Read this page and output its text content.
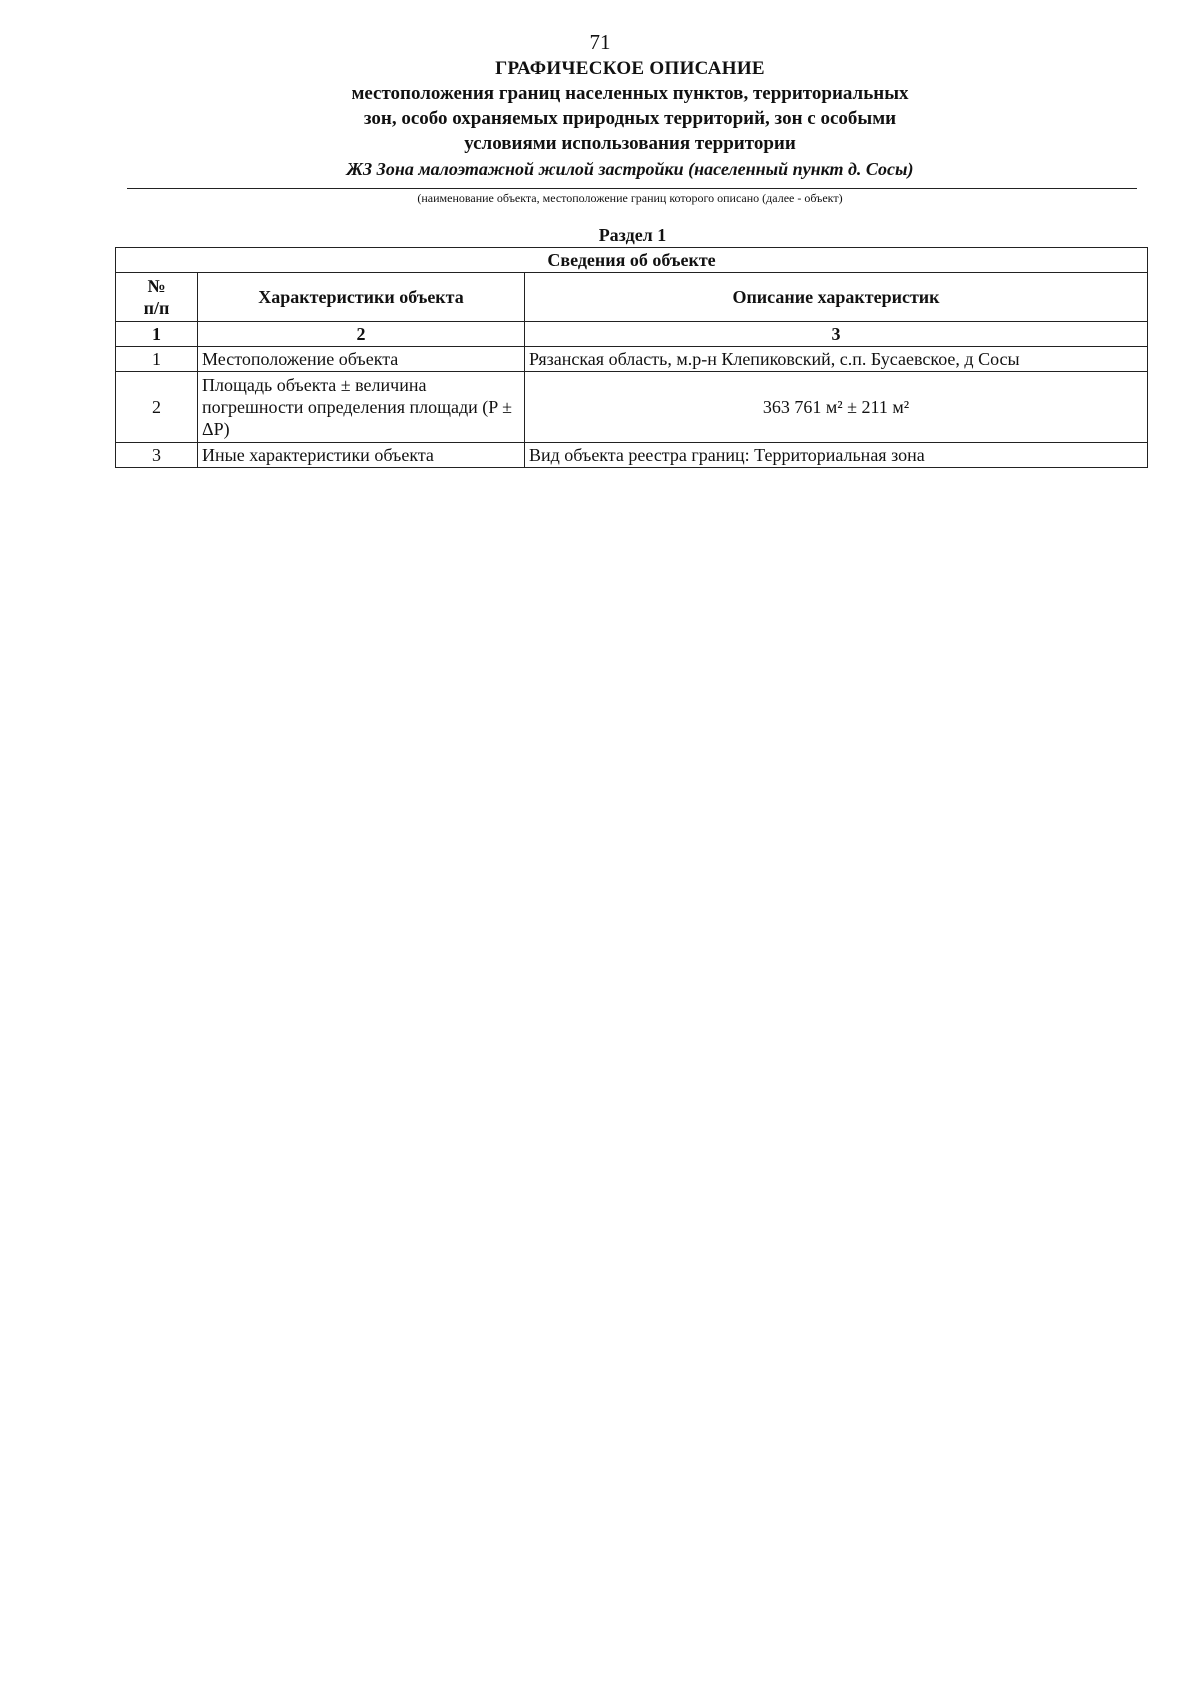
71
ГРАФИЧЕСКОЕ ОПИСАНИЕ
местоположения границ населенных пунктов, территориальных
зон, особо охраняемых природных территорий, зон с особыми
условиями использования территории
ЖЗ Зона малоэтажной жилой застройки (населенный пункт д. Сосы)
(наименование объекта, местоположение границ которого описано (далее - объект)
Раздел 1
Сведения об объекте		
№
п/п	Характеристики объекта	Описание характеристик
1	2	3
1	Местоположение объекта	Рязанская область, м.р-н Клепиковский, с.п. Бусаевское, д Сосы
2	Площадь объекта ± величина погрешности определения площади (P ± ΔP)	363 761 м² ± 211 м²
3	Иные характеристики объекта	Вид объекта реестра границ: Территориальная зона
